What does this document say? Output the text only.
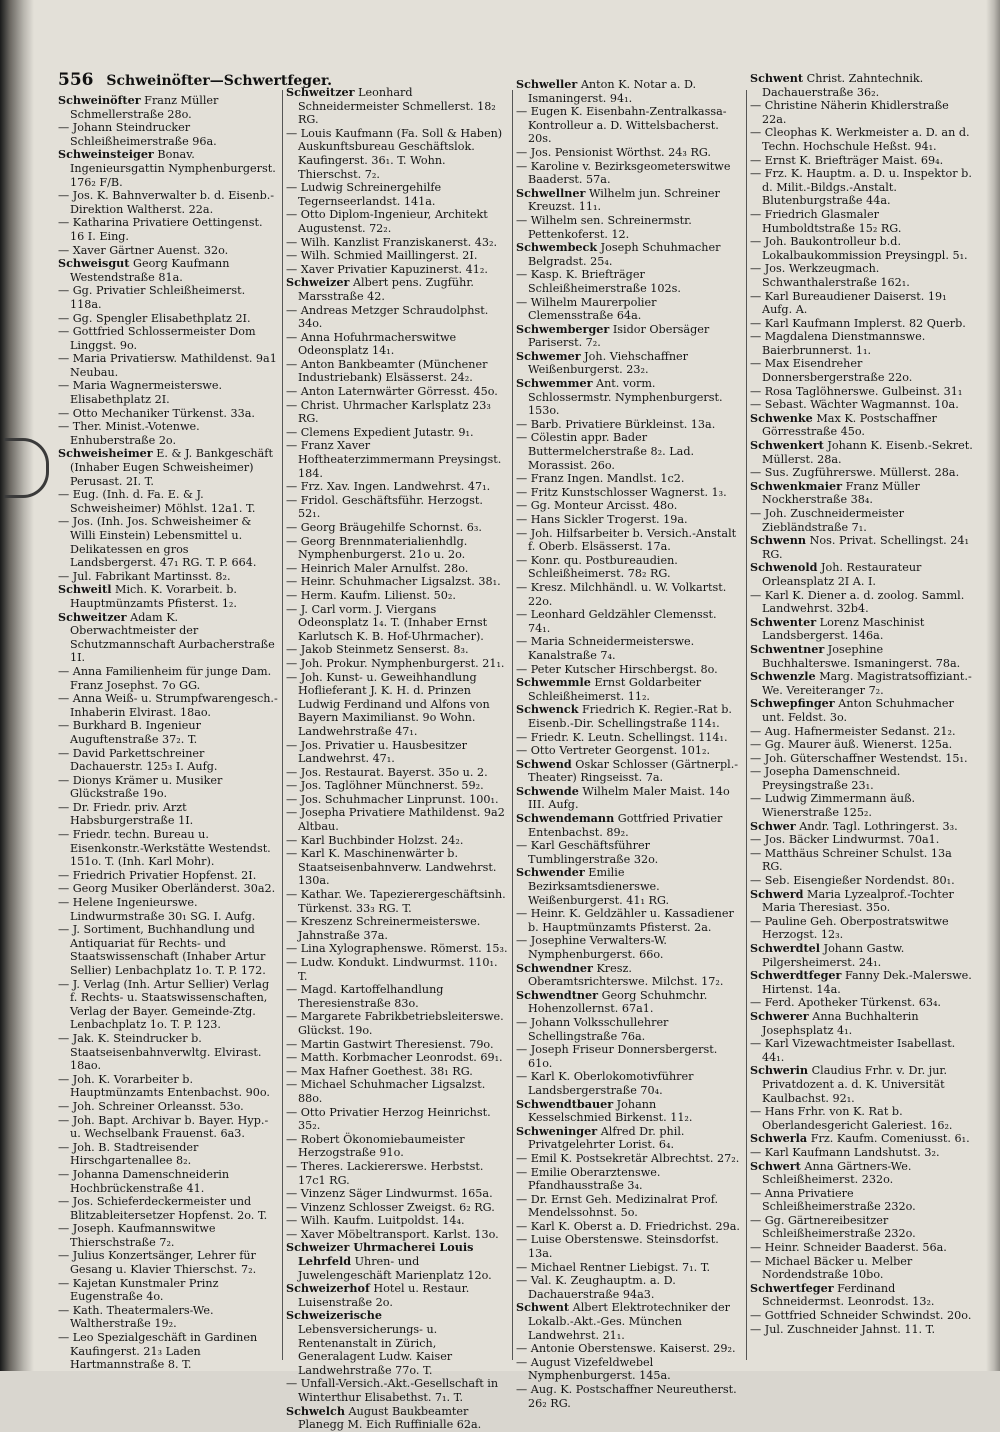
556 Schweinöfter—Schwertfeger.

Schweinöfter Franz Müller Schmellerstraße 28o.

— Johann Steindrucker Schleißheimerstraße 96a.

Schweinsteiger Bonav. Ingenieursgattin Nymphenburgerst. 176₂ F/B.

— Jos. K. Bahnverwalter b. d. Eisenb.-Direktion Waltherst. 22a.

— Katharina Privatiere Oettingenst. 16 I. Eing.

— Xaver Gärtner Auenst. 32o.

Schweisgut Georg Kaufmann Westendstraße 81a.

— Gg. Privatier Schleißheimerst. 118a.

— Gg. Spengler Elisabethplatz 2I.

— Gottfried Schlossermeister Dom Linggst. 9o.

— Maria Privatiersw. Mathildenst. 9a1 Neubau.

— Maria Wagnermeisterswe. Elisabethplatz 2I.

— Otto Mechaniker Türkenst. 33a.

— Ther. Minist.-Votenwe. Enhuberstraße 2o.

Schweisheimer E. & J. Bankgeschäft (Inhaber Eugen Schweisheimer) Perusast. 2I. T.

— Eug. (Inh. d. Fa. E. & J. Schweisheimer) Möhlst. 12a1. T.

— Jos. (Inh. Jos. Schweisheimer & Willi Einstein) Lebensmittel u. Delikatessen en gros Landsbergerst. 47₁ RG. T. P. 664.

— Jul. Fabrikant Martinsst. 8₂.

Schweitl Mich. K. Vorarbeit. b. Hauptmünzamts Pfisterst. 1₂.

Schweitzer Adam K. Oberwachtmeister der Schutzmannschaft Aurbacherstraße 1I.

— Anna Familienheim für junge Dam. Franz Josephst. 7o GG.

— Anna Weiß- u. Strumpfwarengesch.-Inhaberin Elvirast. 18ao.

— Burkhard B. Ingenieur Auguftenstraße 37₂. T.

— David Parkettschreiner Dachauerstr. 125₃ I. Aufg.

— Dionys Krämer u. Musiker Glückstraße 19o.

— Dr. Friedr. priv. Arzt Habsburgerstraße 1I.

— Friedr. techn. Bureau u. Eisenkonstr.-Werkstätte Westendst. 151o. T. (Inh. Karl Mohr).

— Friedrich Privatier Hopfenst. 2I.

— Georg Musiker Oberländerst. 30a2.

— Helene Ingenieurswe. Lindwurmstraße 30₁ SG. I. Aufg.

— J. Sortiment, Buchhandlung und Antiquariat für Rechts- und Staatswissenschaft (Inhaber Artur Sellier) Lenbachplatz 1o. T. P. 172.

— J. Verlag (Inh. Artur Sellier) Verlag f. Rechts- u. Staatswissenschaften, Verlag der Bayer. Gemeinde-Ztg. Lenbachplatz 1o. T. P. 123.

— Jak. K. Steindrucker b. Staatseisenbahnverwltg. Elvirast. 18ao.

— Joh. K. Vorarbeiter b. Hauptmünzamts Entenbachst. 90o.

— Joh. Schreiner Orleansst. 53o.

— Joh. Bapt. Archivar b. Bayer. Hyp.- u. Wechselbank Frauenst. 6a3.

— Joh. B. Stadtreisender Hirschgartenallee 8₂.

— Johanna Damenschneiderin Hochbrückenstraße 41.

— Jos. Schieferdeckermeister und Blitzableitersetzer Hopfenst. 2o. T.

— Joseph. Kaufmannswitwe Thierschstraße 7₂.

— Julius Konzertsänger, Lehrer für Gesang u. Klavier Thierschst. 7₂.

— Kajetan Kunstmaler Prinz Eugenstraße 4o.

— Kath. Theatermalers-We. Waltherstraße 19₂.

— Leo Spezialgeschäft in Gardinen Kaufingerst. 21₃ Laden Hartmannstraße 8. T.

Schweitzer Leonhard Schneidermeister Schmellerst. 18₂ RG.

— Louis Kaufmann (Fa. Soll & Haben) Auskunftsbureau Geschäftslok. Kaufingerst. 36₁. T. Wohn. Thierschst. 7₂.

— Ludwig Schreinergehilfe Tegernseerlandst. 141a.

— Otto Diplom-Ingenieur, Architekt Augustenst. 72₂.

— Wilh. Kanzlist Franziskanerst. 43₂.

— Wilh. Schmied Maillingerst. 2I.

— Xaver Privatier Kapuzinerst. 41₂.

Schweizer Albert pens. Zugführ. Marsstraße 42.

— Andreas Metzger Schraudolphst. 34o.

— Anna Hofuhrmacherswitwe Odeonsplatz 14₁.

— Anton Bankbeamter (Münchener Industriebank) Elsässerst. 24₂.

— Anton Laternwärter Görresst. 45o.

— Christ. Uhrmacher Karlsplatz 23₃ RG.

— Clemens Expedient Jutastr. 9₁.

— Franz Xaver Hoftheaterzimmermann Preysingst. 184.

— Frz. Xav. Ingen. Landwehrst. 47₁.

— Fridol. Geschäftsführ. Herzogst. 52₁.

— Georg Bräugehilfe Schornst. 6₃.

— Georg Brennmaterialienhdlg. Nymphenburgerst. 21o u. 2o.

— Heinrich Maler Arnulfst. 28o.

— Heinr. Schuhmacher Ligsalzst. 38₁.

— Herm. Kaufm. Lilienst. 50₂.

— J. Carl vorm. J. Viergans Odeonsplatz 1₄. T. (Inhaber Ernst Karlutsch K. B. Hof-Uhrmacher).

— Jakob Steinmetz Senserst. 8₃.

— Joh. Prokur. Nymphenburgerst. 21₁.

— Joh. Kunst- u. Geweihhandlung Hoflieferant J. K. H. d. Prinzen Ludwig Ferdinand und Alfons von Bayern Maximilianst. 9o Wohn. Landwehrstraße 47₁.

— Jos. Privatier u. Hausbesitzer Landwehrst. 47₁.

— Jos. Restaurat. Bayerst. 35o u. 2.

— Jos. Taglöhner Münchnerst. 59₂.

— Jos. Schuhmacher Linprunst. 100₁.

— Josepha Privatiere Mathildenst. 9a2 Altbau.

— Karl Buchbinder Holzst. 24₂.

— Karl K. Maschinenwärter b. Staatseisenbahnverw. Landwehrst. 130a.

— Kathar. We. Tapezierergeschäftsinh. Türkenst. 33₃ RG. T.

— Kreszenz Schreinermeisterswe. Jahnstraße 37a.

— Lina Xylographenswe. Römerst. 15₃.

— Ludw. Kondukt. Lindwurmst. 110₁. T.

— Magd. Kartoffelhandlung Theresienstraße 83o.

— Margarete Fabrikbetriebsleiterswe. Glückst. 19o.

— Martin Gastwirt Theresienst. 79o.

— Matth. Korbmacher Leonrodst. 69₁.

— Max Hafner Goethest. 38₁ RG.

— Michael Schuhmacher Ligsalzst. 88o.

— Otto Privatier Herzog Heinrichst. 35₂.

— Robert Ökonomiebaumeister Herzogstraße 91o.

— Theres. Lackiererswe. Herbstst. 17c1 RG.

— Vinzenz Säger Lindwurmst. 165a.

— Vinzenz Schlosser Zweigst. 6₂ RG.

— Wilh. Kaufm. Luitpoldst. 14₄.

— Xaver Möbeltransport. Karlst. 13o.

Schweizer Uhrmacherei Louis Lehrfeld Uhren- und Juwelengeschäft Marienplatz 12o.

Schweizerhof Hotel u. Restaur. Luisenstraße 2o.

Schweizerische Lebensversicherungs- u. Rentenanstalt in Zürich, Generalagent Ludw. Kaiser Landwehrstraße 77o. T.

— Unfall-Versich.-Akt.-Gesellschaft in Winterthur Elisabethst. 7₁. T.

Schwelch August Baukbeamter Planegg M. Eich Ruffinialle 62a.

Schweller Anton K. Notar a. D. Ismaningerst. 94₁.

— Eugen K. Eisenbahn-Zentralkassa-Kontrolleur a. D. Wittelsbacherst. 20s.

— Jos. Pensionist Wörthst. 24₃ RG.

— Karoline v. Bezirksgeometerswitwe Baaderst. 57a.

Schwellner Wilhelm jun. Schreiner Kreuzst. 11₁.

— Wilhelm sen. Schreinermstr. Pettenkoferst. 12.

Schwembeck Joseph Schuhmacher Belgradst. 25₄.

— Kasp. K. Briefträger Schleißheimerstraße 102s.

— Wilhelm Maurerpolier Clemensstraße 64a.

Schwemberger Isidor Obersäger Pariserst. 7₂.

Schwemer Joh. Viehschaffner Weißenburgerst. 23₂.

Schwemmer Ant. vorm. Schlossermstr. Nymphenburgerst. 153o.

— Barb. Privatiere Bürkleinst. 13a.

— Cölestin appr. Bader Buttermelcherstraße 8₂. Lad. Morassist. 26o.

— Franz Ingen. Mandlst. 1c2.

— Fritz Kunstschlosser Wagnerst. 1₃.

— Gg. Monteur Arcisst. 48o.

— Hans Sickler Trogerst. 19a.

— Joh. Hilfsarbeiter b. Versich.-Anstalt f. Oberb. Elsässerst. 17a.

— Konr. qu. Postbureaudien. Schleißheimerst. 78₂ RG.

— Kresz. Milchhändl. u. W. Volkartst. 22o.

— Leonhard Geldzähler Clemensst. 74₁.

— Maria Schneidermeisterswe. Kanalstraße 7₄.

— Peter Kutscher Hirschbergst. 8o.

Schwemmle Ernst Goldarbeiter Schleißheimerst. 11₂.

Schwenck Friedrich K. Regier.-Rat b. Eisenb.-Dir. Schellingstraße 114₁.

— Friedr. K. Leutn. Schellingst. 114₁.

— Otto Vertreter Georgenst. 101₂.

Schwend Oskar Schlosser (Gärtnerpl.-Theater) Ringseisst. 7a.

Schwende Wilhelm Maler Maist. 14o III. Aufg.

Schwendemann Gottfried Privatier Entenbachst. 89₂.

— Karl Geschäftsführer Tumblingerstraße 32o.

Schwender Emilie Bezirksamtsdienerswe. Weißenburgerst. 41₁ RG.

— Heinr. K. Geldzähler u. Kassadiener b. Hauptmünzamts Pfisterst. 2a.

— Josephine Verwalters-W. Nymphenburgerst. 66o.

Schwendner Kresz. Oberamtsrichterswe. Milchst. 17₂.

Schwendtner Georg Schuhmchr. Hohenzollernst. 67a1.

— Johann Volksschullehrer Schellingstraße 76a.

— Joseph Friseur Donnersbergerst. 61o.

— Karl K. Oberlokomotivführer Landsbergerstraße 70₄.

Schwendtbauer Johann Kesselschmied Birkenst. 11₂.

Schweninger Alfred Dr. phil. Privatgelehrter Lorist. 6₄.

— Emil K. Postsekretär Albrechtst. 27₂.

— Emilie Oberarztenswe. Pfandhausstraße 3₄.

— Dr. Ernst Geh. Medizinalrat Prof. Mendelssohnst. 5o.

— Karl K. Oberst a. D. Friedrichst. 29a.

— Luise Oberstenswe. Steinsdorfst. 13a.

— Michael Rentner Liebigst. 7₁. T.

— Val. K. Zeughauptm. a. D. Dachauerstraße 94a3.

Schwent Albert Elektrotechniker der Lokalb.-Akt.-Ges. München Landwehrst. 21₁.

— Antonie Oberstenswe. Kaiserst. 29₂.

— August Vizefeldwebel Nymphenburgerst. 145a.

— Aug. K. Postschaffner Neureutherst. 26₂ RG.

Schwent Christ. Zahntechnik. Dachauerstraße 36₂.

— Christine Näherin Khidlerstraße 22a.

— Cleophas K. Werkmeister a. D. an d. Techn. Hochschule Heßst. 94₁.

— Ernst K. Briefträger Maist. 69₄.

— Frz. K. Hauptm. a. D. u. Inspektor b. d. Milit.-Bildgs.-Anstalt. Blutenburgstraße 44a.

— Friedrich Glasmaler Humboldtstraße 15₂ RG.

— Joh. Baukontrolleur b.d. Lokalbaukommission Preysingpl. 5₁.

— Jos. Werkzeugmach. Schwanthalerstraße 162₁.

— Karl Bureaudiener Daiserst. 19₁ Aufg. A.

— Karl Kaufmann Implerst. 82 Querb.

— Magdalena Dienstmannswe. Baierbrunnerst. 1₁.

— Max Eisendreher Donnersbergerstraße 22o.

— Rosa Taglöhnerswe. Gulbeinst. 31₁

— Sebast. Wächter Wagmannst. 10a.

Schwenke Max K. Postschaffner Görresstraße 45o.

Schwenkert Johann K. Eisenb.-Sekret. Müllerst. 28a.

— Sus. Zugführerswe. Müllerst. 28a.

Schwenkmaier Franz Müller Nockherstraße 38₄.

— Joh. Zuschneidermeister Ziebländstraße 7₁.

Schwenn Nos. Privat. Schellingst. 24₁ RG.

Schwenold Joh. Restaurateur Orleansplatz 2I A. I.

— Karl K. Diener a. d. zoolog. Samml. Landwehrst. 32b4.

Schwenter Lorenz Maschinist Landsbergerst. 146a.

Schwentner Josephine Buchhalterswe. Ismaningerst. 78a.

Schwenzle Marg. Magistratsoffiziant.-We. Vereiteranger 7₂.

Schwepfinger Anton Schuhmacher unt. Feldst. 3o.

— Aug. Hafnermeister Sedanst. 21₂.

— Gg. Maurer äuß. Wienerst. 125a.

— Joh. Güterschaffner Westendst. 15₁.

— Josepha Damenschneid. Preysingstraße 23₁.

— Ludwig Zimmermann äuß. Wienerstraße 125₂.

Schwer Andr. Tagl. Lothringerst. 3₃.

— Jos. Bäcker Lindwurmst. 70a1.

— Matthäus Schreiner Schulst. 13a RG.

— Seb. Eisengießer Nordendst. 80₁.

Schwerd Maria Lyzealprof.-Tochter Maria Theresiast. 35o.

— Pauline Geh. Oberpostratswitwe Herzogst. 12₃.

Schwerdtel Johann Gastw. Pilgersheimerst. 24₁.

Schwerdtfeger Fanny Dek.-Malerswe. Hirtenst. 14a.

— Ferd. Apotheker Türkenst. 63₄.

Schwerer Anna Buchhalterin Josephsplatz 4₁.

— Karl Vizewachtmeister Isabellast. 44₁.

Schwerin Claudius Frhr. v. Dr. jur. Privatdozent a. d. K. Universität Kaulbachst. 92₁.

— Hans Frhr. von K. Rat b. Oberlandesgericht Galeriest. 16₂.

Schwerla Frz. Kaufm. Comeniusst. 6₁.

— Karl Kaufmann Landshutst. 3₂.

Schwert Anna Gärtners-We. Schleißheimerst. 232o.

— Anna Privatiere Schleißheimerstraße 232o.

— Gg. Gärtnereibesitzer Schleißheimerstraße 232o.

— Heinr. Schneider Baaderst. 56a.

— Michael Bäcker u. Melber Nordendstraße 10bo.

Schwertfeger Ferdinand Schneidermst. Leonrodst. 13₂.

— Gottfried Schneider Schwindst. 20o.

— Jul. Zuschneider Jahnst. 11. T.
